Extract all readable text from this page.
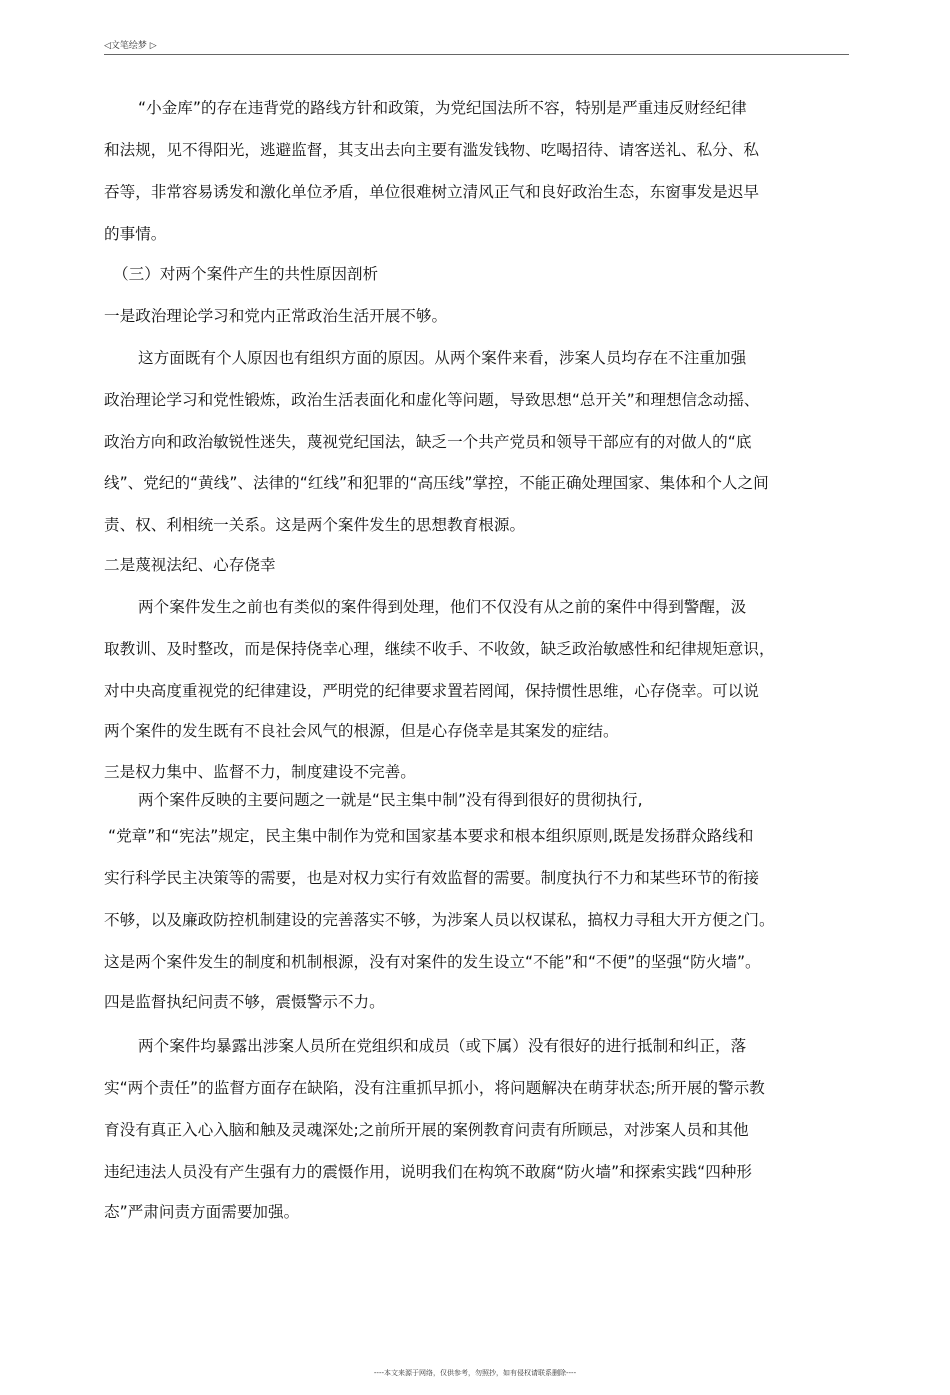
◁文笔绘梦 ▷
“小金库”的存在违背党的路线方针和政策，为党纪国法所不容，特别是严重违反财经纪律
和法规，见不得阳光，逃避监督，其支出去向主要有滥发钱物、吃喝招待、请客送礼、私分、私
吞等，非常容易诱发和激化单位矛盾，单位很难树立清风正气和良好政治生态，东窗事发是迟早
的事情。
（三）对两个案件产生的共性原因剖析
一是政治理论学习和党内正常政治生活开展不够。
这方面既有个人原因也有组织方面的原因。从两个案件来看，涉案人员均存在不注重加强
政治理论学习和党性锻炼，政治生活表面化和虚化等问题，导致思想“总开关”和理想信念动摇、
政治方向和政治敏锐性迷失，蔑视党纪国法，缺乏一个共产党员和领导干部应有的对做人的“底
线”、党纪的“黄线”、法律的“红线”和犯罪的“高压线”掌控，不能正确处理国家、集体和个人之间
责、权、利相统一关系。这是两个案件发生的思想教育根源。
二是蔑视法纪、心存侥幸
两个案件发生之前也有类似的案件得到处理，他们不仅没有从之前的案件中得到警醒，汲
取教训、及时整改，而是保持侥幸心理，继续不收手、不收敛，缺乏政治敏感性和纪律规矩意识，
对中央高度重视党的纪律建设，严明党的纪律要求置若罔闻，保持惯性思维，心存侥幸。可以说
两个案件的发生既有不良社会风气的根源，但是心存侥幸是其案发的症结。
三是权力集中、监督不力，制度建设不完善。
两个案件反映的主要问题之一就是“民主集中制”没有得到很好的贯彻执行,
“党章”和“宪法”规定，民主集中制作为党和国家基本要求和根本组织原则,既是发扬群众路线和
实行科学民主决策等的需要，也是对权力实行有效监督的需要。制度执行不力和某些环节的衔接
不够，以及廉政防控机制建设的完善落实不够，为涉案人员以权谋私，搞权力寻租大开方便之门。
这是两个案件发生的制度和机制根源，没有对案件的发生设立“不能”和“不便”的坚强“防火墙”。
四是监督执纪问责不够，震慑警示不力。
两个案件均暴露出涉案人员所在党组织和成员（或下属）没有很好的进行抵制和纠正，落
实“两个责任”的监督方面存在缺陷，没有注重抓早抓小，将问题解决在萌芽状态;所开展的警示教
育没有真正入心入脑和触及灵魂深处;之前所开展的案例教育问责有所顾忌，对涉案人员和其他
违纪违法人员没有产生强有力的震慑作用，说明我们在构筑不敢腐“防火墙”和探索实践“四种形
态”严肃问责方面需要加强。
----本文来源于网络，仅供参考，勿照抄，如有侵权请联系删除----
